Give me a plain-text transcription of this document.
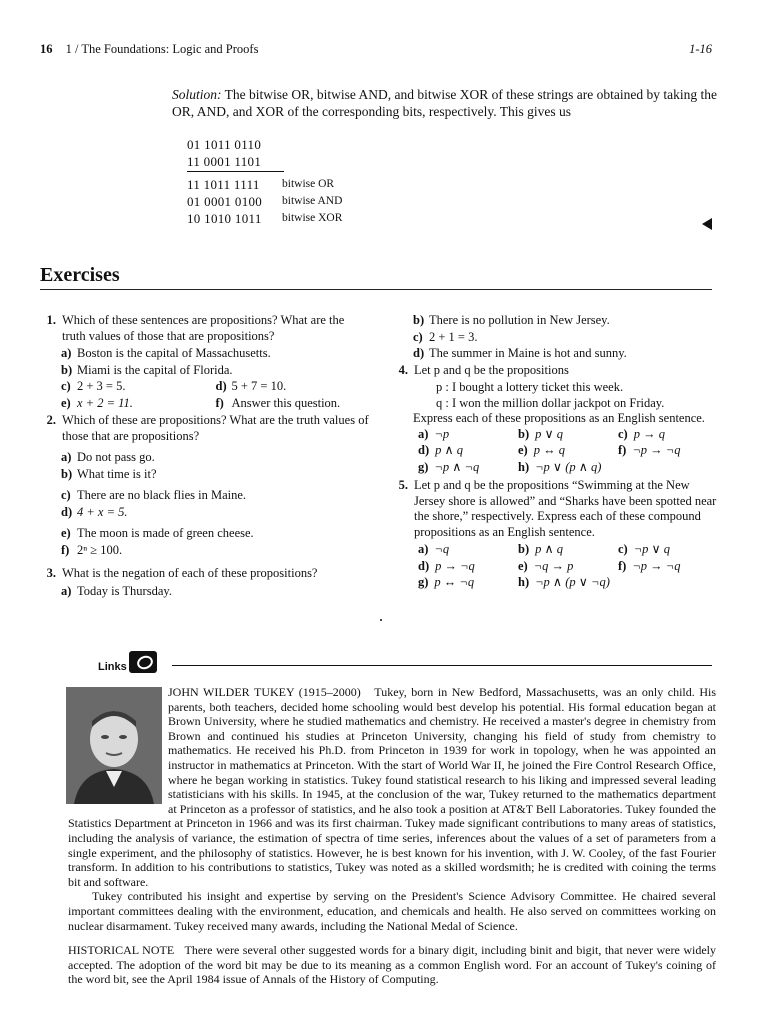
16 1 / The Foundations: Logic and Proofs	1-16
Solution: The bitwise OR, bitwise AND, and bitwise XOR of these strings are obtained by taking the OR, AND, and XOR of the corresponding bits, respectively. This gives us
01 1011 0110
11 0001 1101
11 1011 1111	bitwise OR
01 0001 0100	bitwise AND
10 1010 1011	bitwise XOR
Exercises
1. Which of these sentences are propositions? What are the truth values of those that are propositions?
a) Boston is the capital of Massachusetts.
b) Miami is the capital of Florida.
c) 2 + 3 = 5.	d) 5 + 7 = 10.
e) x + 2 = 11.	f) Answer this question.
2. Which of these are propositions? What are the truth values of those that are propositions?
a) Do not pass go.
b) What time is it?
c) There are no black flies in Maine.
d) 4 + x = 5.
e) The moon is made of green cheese.
f) 2ⁿ ≥ 100.
3. What is the negation of each of these propositions?
a) Today is Thursday.
b) There is no pollution in New Jersey.
c) 2 + 1 = 3.
d) The summer in Maine is hot and sunny.
4. Let p and q be the propositions
p : I bought a lottery ticket this week.
q : I won the million dollar jackpot on Friday.
Express each of these propositions as an English sentence.
a) ¬p	b) p ∨ q	c) p → q
d) p ∧ q	e) p ↔ q	f) ¬p → ¬q
g) ¬p ∧ ¬q	h) ¬p ∨ (p ∧ q)
5. Let p and q be the propositions “Swimming at the New Jersey shore is allowed” and “Sharks have been spotted near the shore,” respectively. Express each of these compound propositions as an English sentence.
a) ¬q	b) p ∧ q	c) ¬p ∨ q
d) p → ¬q	e) ¬q → p	f) ¬p → ¬q
g) p ↔ ¬q	h) ¬p ∧ (p ∨ ¬q)
Links

JOHN WILDER TUKEY (1915–2000) Tukey, born in New Bedford, Massachusetts, was an only child. His parents, both teachers, decided home schooling would best develop his potential. His formal education began at Brown University, where he studied mathematics and chemistry. He received a master's degree in chemistry from Brown and continued his studies at Princeton University, changing his field of study from chemistry to mathematics. He received his Ph.D. from Princeton in 1939 for work in topology, when he was appointed an instructor in mathematics at Princeton. With the start of World War II, he joined the Fire Control Research Office, where he began working in statistics. Tukey found statistical research to his liking and impressed several leading statisticians with his skills. In 1945, at the conclusion of the war, Tukey returned to the mathematics department at Princeton as a professor of statistics, and he also took a position at AT&T Bell Laboratories. Tukey founded the Statistics Department at Princeton in 1966 and was its first chairman. Tukey made significant contributions to many areas of statistics, including the analysis of variance, the estimation of spectra of time series, inferences about the values of a set of parameters from a single experiment, and the philosophy of statistics. However, he is best known for his invention, with J. W. Cooley, of the fast Fourier transform. In addition to his contributions to statistics, Tukey was noted as a skilled wordsmith; he is credited with coining the terms bit and software.

Tukey contributed his insight and expertise by serving on the President's Science Advisory Committee. He chaired several important committees dealing with the environment, education, and chemicals and health. He also served on committees working on nuclear disarmament. Tukey received many awards, including the National Medal of Science.

HISTORICAL NOTE There were several other suggested words for a binary digit, including binit and bigit, that never were widely accepted. The adoption of the word bit may be due to its meaning as a common English word. For an account of Tukey's coining of the word bit, see the April 1984 issue of Annals of the History of Computing.
